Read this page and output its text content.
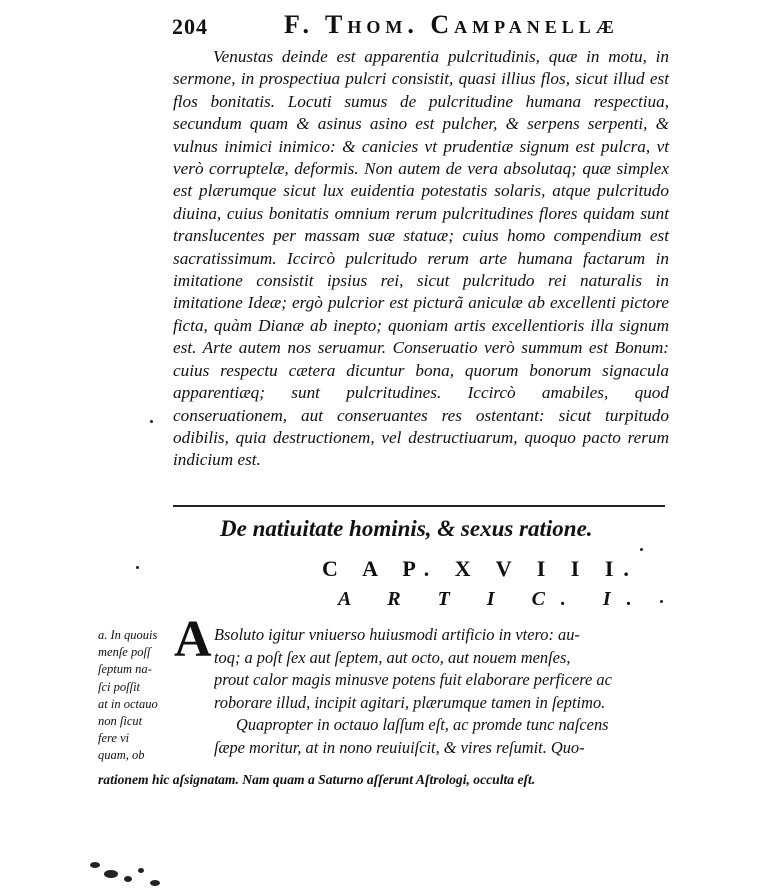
204	F. Thom. Campanellæ

Venustas deinde est apparentia pulcritudinis, quæ in motu, in sermone, in prospectiua pulcri consistit, quasi illius flos, sicut illud est flos bonitatis. Locuti sumus de pulcritudine humana respectiua, secundum quam & asinus asino est pulcher, & serpens serpenti, & vulnus inimici inimico: & canicies vt prudentiæ signum est pulcra, vt verò corruptelæ, deformis. Non autem de vera absolutaq; quæ simplex est plærumque sicut lux euidentia potestatis solaris, atque pulcritudo diuina, cuius bonitatis omnium rerum pulcritudines flores quidam sunt translucentes per massam suæ statuæ; cuius homo compendium est sacratissimum. Iccircò pulcritudo rerum arte humana factarum in imitatione consistit ipsius rei, sicut pulcritudo rei naturalis in imitatione Ideæ; ergò pulcrior est picturã aniculæ ab excellenti pictore ficta, quàm Dianæ ab inepto; quoniam artis excellentioris illa signum est. Arte autem nos seruamur. Conseruatio verò summum est Bonum: cuius respectu cætera dicuntur bona, quorum bonorum signacula apparentiæq; sunt pulcritudines. Iccircò amabiles, quod conseruationem, aut conseruantes res ostentant: sicut turpitudo odibilis, quia destructionem, vel destructiuarum, quoquo pacto rerum indicium est.

De natiuitate hominis, & sexus ratione.
C A P. X V I I I.
A R T I C. I.
a. In quouis
menſe poſſ
ſeptum na-
ſci poſſit
at in octauo
non ſicut
fere vi
quam, ob
A Bsoluto igitur vniuerso huiusmodi artificio in vtero: au-
toq; a poſt ſex aut ſeptem, aut octo, aut nouem menſes,
prout calor magis minusve potens fuit elaborare perficere ac
roborare illud, incipit agitari, plærumque tamen in ſeptimo.
Quapropter in octauo laſſum eſt, ac promde tunc naſcens
ſæpe moritur, at in nono reuiuiſcit, & vires reſumit. Quo-
rationem hic aſsignatam. Nam quam a Saturno aſſerunt Aſtrologi, occulta eſt.
